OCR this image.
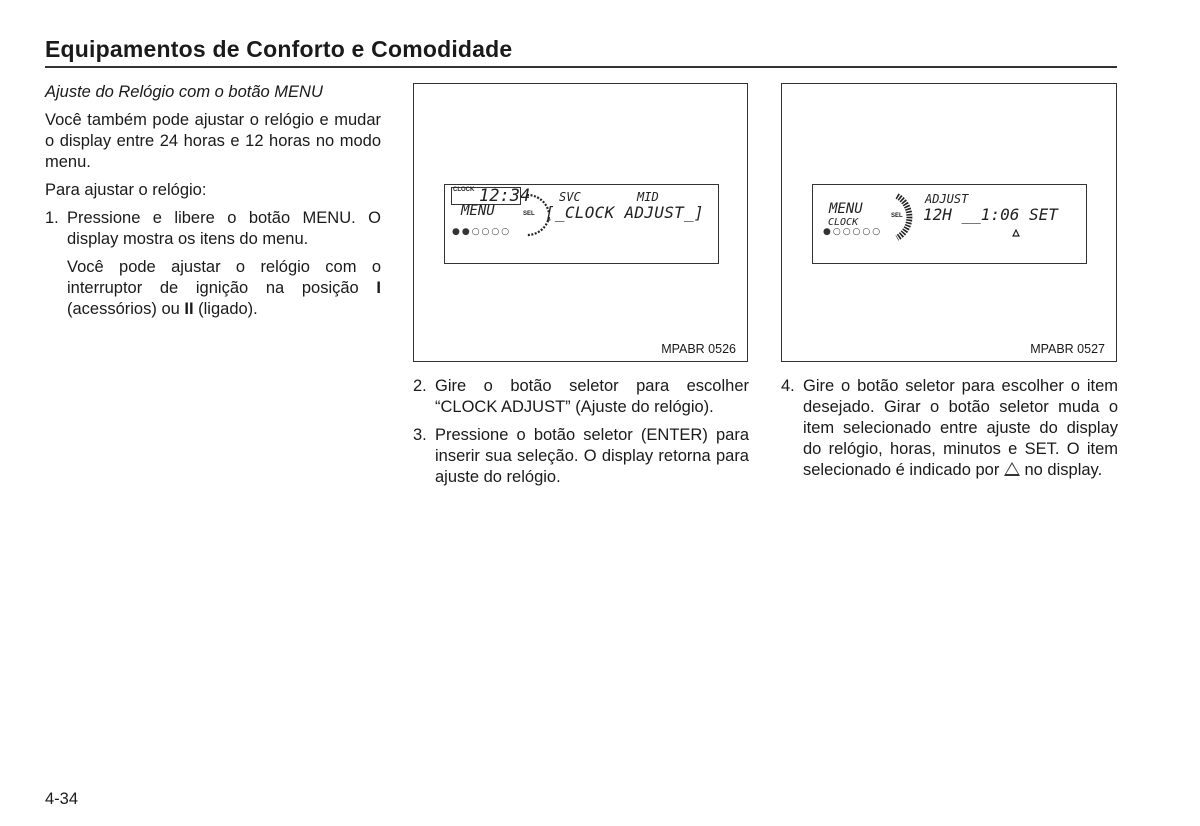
Equipamentos de Conforto e Comodidade
Ajuste do Relógio com o botão MENU
Você também pode ajustar o relógio e mudar o display entre 24 horas e 12 horas no modo menu.
Para ajustar o relógio:
1. Pressione e libere o botão MENU. O display mostra os itens do menu.
Você pode ajustar o relógio com o interruptor de ignição na posição I (acessórios) ou II (ligado).
CLOCK 12:34
MENU
●●○○○○
SEL
SVC	MID
[_CLOCK ADJUST_]
MPABR 0526
MENU
CLOCK
●○○○○○
SEL
ADJUST
12H __1:06 SET
MPABR 0527
2. Gire o botão seletor para escolher “CLOCK ADJUST” (Ajuste do relógio).
3. Pressione o botão seletor (ENTER) para inserir sua seleção. O display retorna para ajuste do relógio.
4. Gire o botão seletor para escolher o item desejado. Girar o botão seletor muda o item selecionado entre ajuste do display do relógio, horas, minutos e SET. O item selecionado é indicado por  no display.
4-34
